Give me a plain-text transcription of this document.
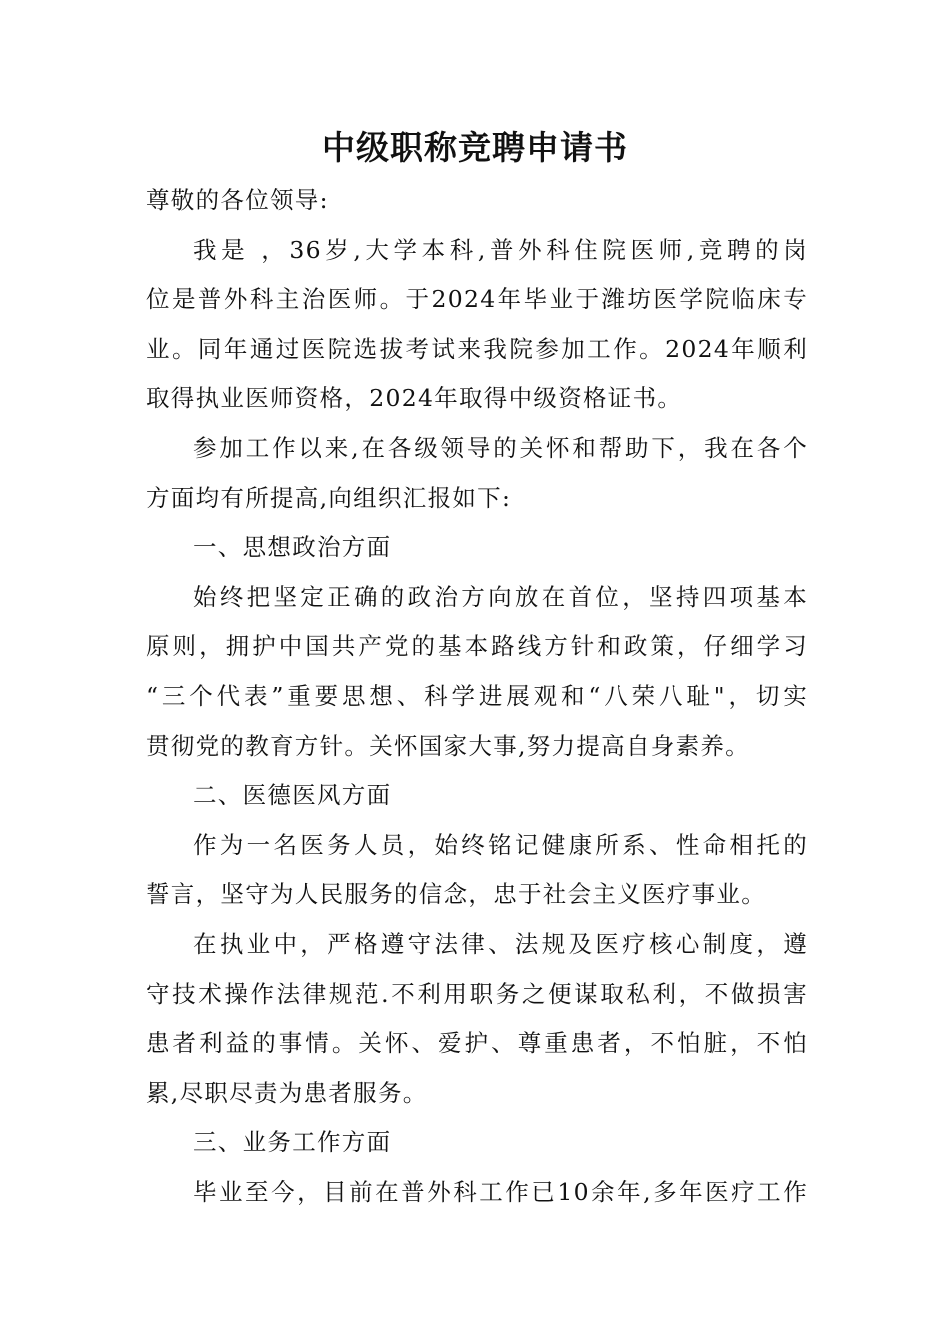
中级职称竞聘申请书

尊敬的各位领导:

我是 ，36岁,大学本科,普外科住院医师,竞聘的岗
位是普外科主治医师。于2024年毕业于潍坊医学院临床专
业。同年通过医院选拔考试来我院参加工作。2024年顺利
取得执业医师资格，2024年取得中级资格证书。

参加工作以来,在各级领导的关怀和帮助下，我在各个
方面均有所提高,向组织汇报如下:

一、思想政治方面

始终把坚定正确的政治方向放在首位，坚持四项基本
原则，拥护中国共产党的基本路线方针和政策，仔细学习
“三个代表”重要思想、科学进展观和“八荣八耻"，切实
贯彻党的教育方针。关怀国家大事,努力提高自身素养。

二、医德医风方面

作为一名医务人员，始终铭记健康所系、性命相托的
誓言，坚守为人民服务的信念，忠于社会主义医疗事业。

在执业中，严格遵守法律、法规及医疗核心制度，遵
守技术操作法律规范.不利用职务之便谋取私利，不做损害
患者利益的事情。关怀、爱护、尊重患者，不怕脏，不怕
累,尽职尽责为患者服务。

三、业务工作方面

毕业至今，目前在普外科工作已10余年,多年医疗工作
